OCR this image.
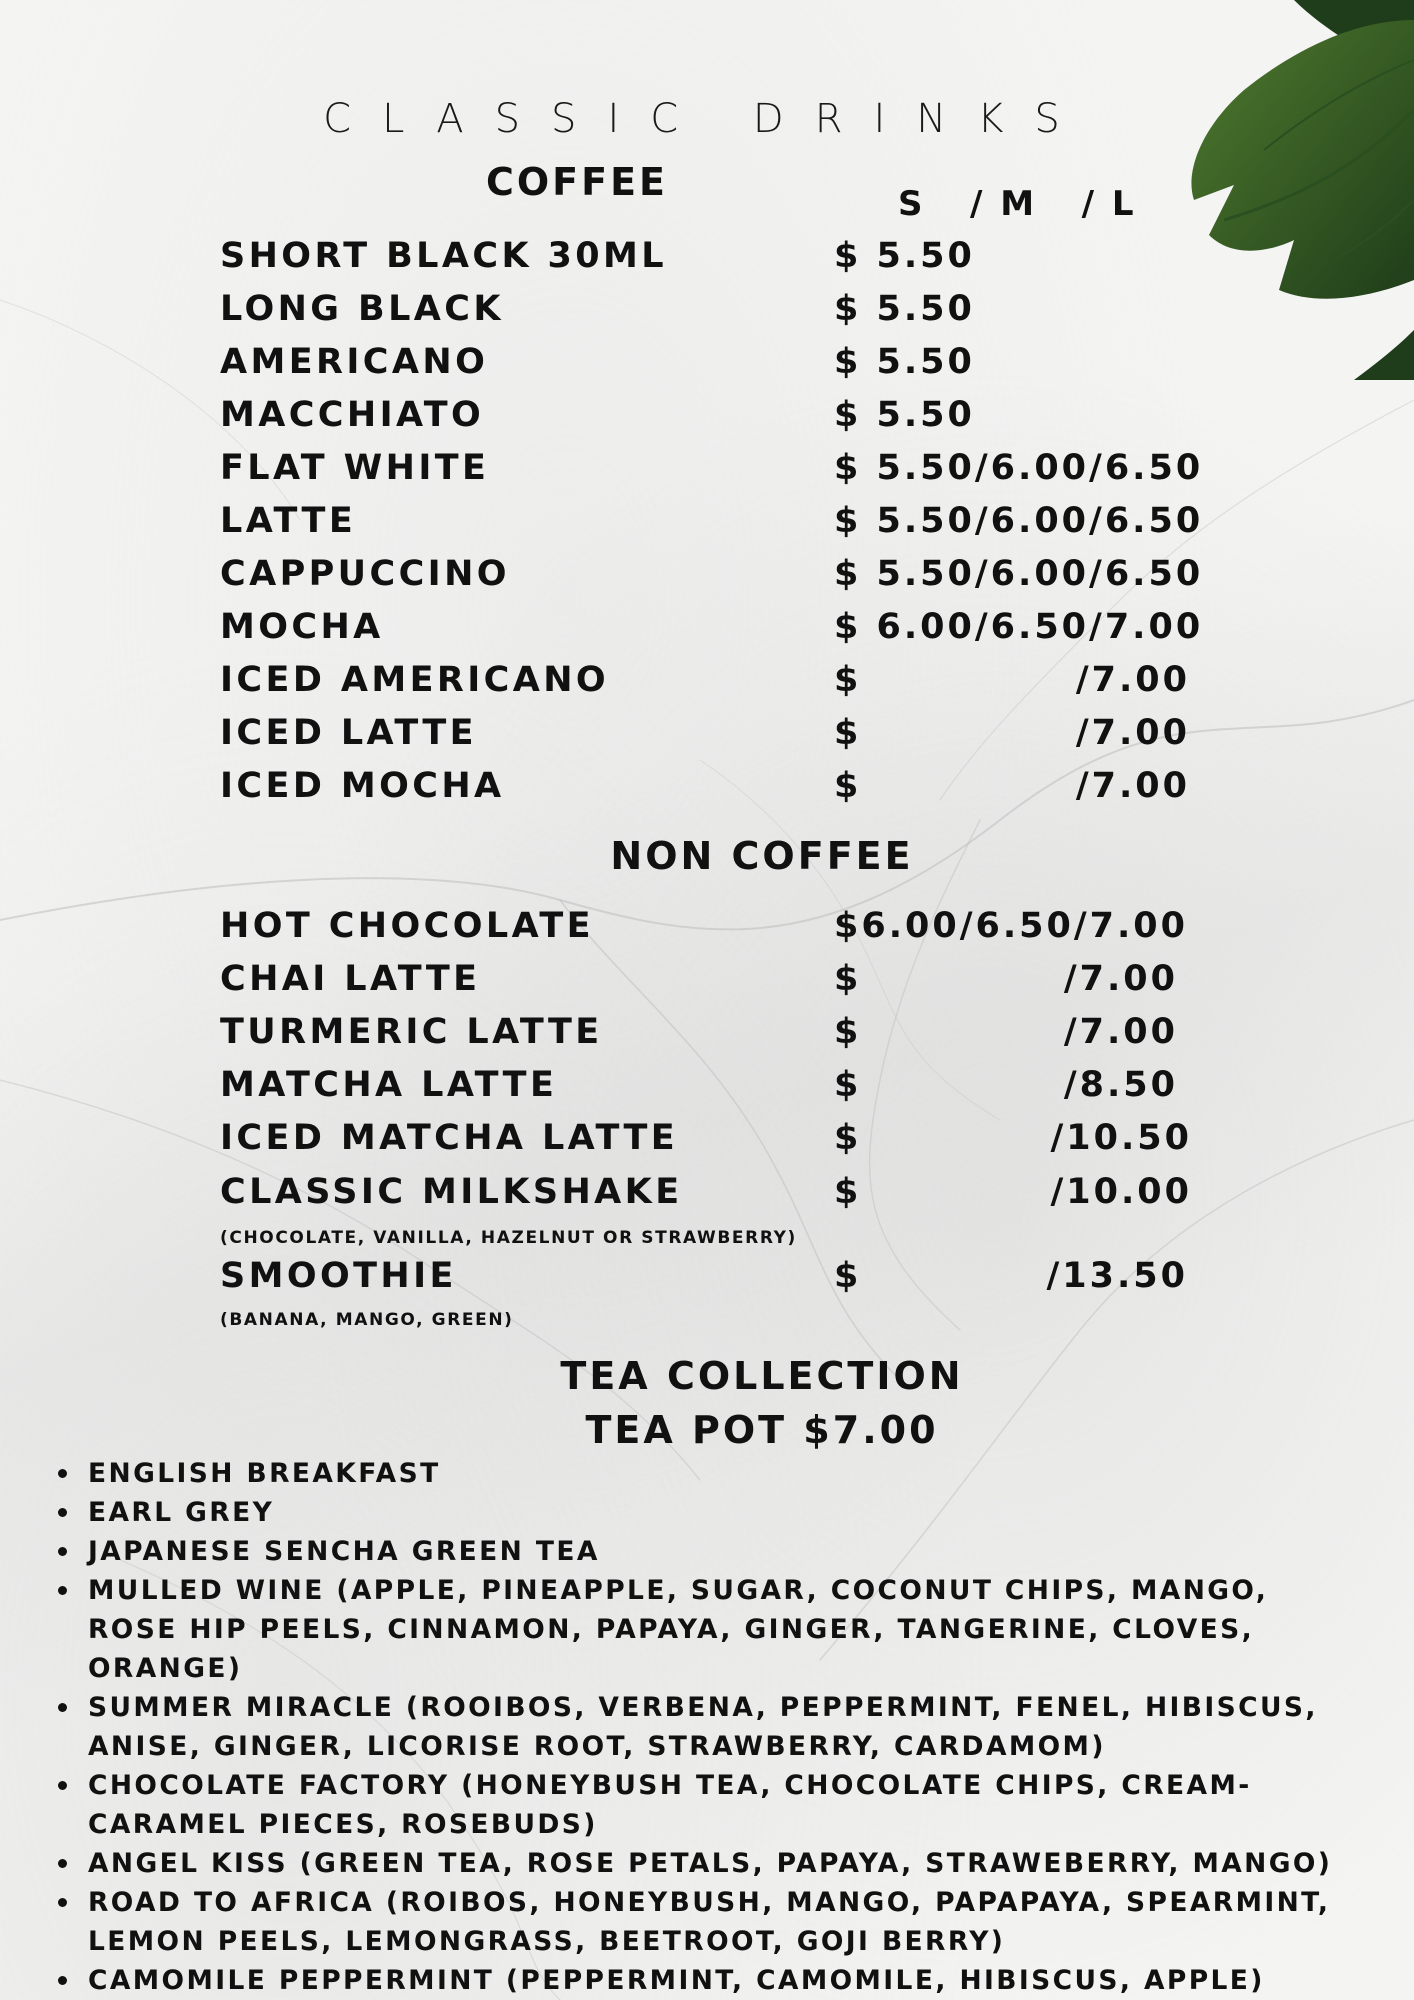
CLASSIC DRINKS
COFFEE	S   / M   / L
SHORT BLACK 30ML	$ 5.50
LONG BLACK	$ 5.50
AMERICANO	$ 5.50
MACCHIATO	$ 5.50
FLAT WHITE	$ 5.50/6.00/6.50
LATTE	$ 5.50/6.00/6.50
CAPPUCCINO	$ 5.50/6.00/6.50
MOCHA	$ 6.00/6.50/7.00
ICED AMERICANO	$	/7.00
ICED LATTE	$	/7.00
ICED MOCHA	$	/7.00
NON COFFEE
HOT CHOCOLATE	$6.00/6.50/7.00
CHAI LATTE	$	/7.00
TURMERIC LATTE	$	/7.00
MATCHA LATTE	$	/8.50
ICED MATCHA LATTE	$	/10.50
CLASSIC MILKSHAKE	$	/10.00
(CHOCOLATE, VANILLA, HAZELNUT OR STRAWBERRY)
SMOOTHIE	$	/13.50
(BANANA, MANGO, GREEN)
TEA COLLECTION
TEA POT $7.00
ENGLISH BREAKFAST
EARL GREY
JAPANESE SENCHA GREEN TEA
MULLED WINE (APPLE, PINEAPPLE, SUGAR, COCONUT CHIPS, MANGO, ROSE HIP PEELS, CINNAMON, PAPAYA, GINGER, TANGERINE, CLOVES, ORANGE)
SUMMER MIRACLE (ROOIBOS, VERBENA, PEPPERMINT, FENEL, HIBISCUS, ANISE, GINGER, LICORISE ROOT, STRAWBERRY, CARDAMOM)
CHOCOLATE FACTORY (HONEYBUSH TEA, CHOCOLATE CHIPS, CREAM-CARAMEL PIECES, ROSEBUDS)
ANGEL KISS (GREEN TEA, ROSE PETALS, PAPAYA, STRAWEBERRY, MANGO)
ROAD TO AFRICA (ROIBOS, HONEYBUSH, MANGO, PAPAPAYA, SPEARMINT, LEMON PEELS, LEMONGRASS, BEETROOT, GOJI BERRY)
CAMOMILE PEPPERMINT (PEPPERMINT, CAMOMILE, HIBISCUS, APPLE)
